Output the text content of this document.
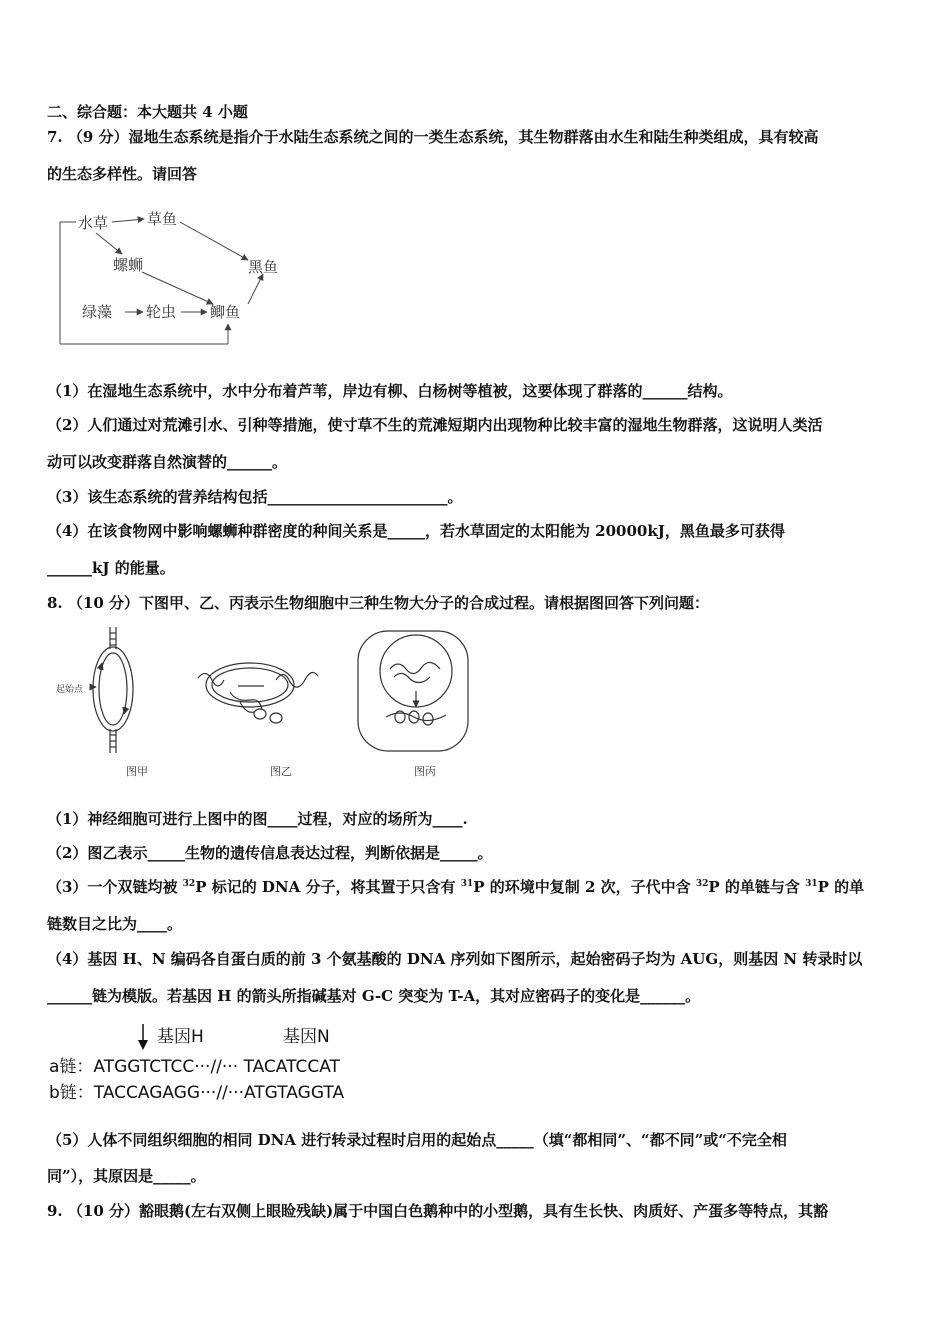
二、综合题：本大题共 4 小题
7. （9 分）湿地生态系统是指介于水陆生态系统之间的一类生态系统，其生物群落由水生和陆生种类组成，具有较高
的生态多样性。请回答
水草	草鱼
螺蛳	黑鱼
绿藻 轮虫 鲫鱼
（1）在湿地生态系统中，水中分布着芦苇，岸边有柳、白杨树等植被，这要体现了群落的______结构。
（2）人们通过对荒滩引水、引种等措施，使寸草不生的荒滩短期内出现物种比较丰富的湿地生物群落，这说明人类活
动可以改变群落自然演替的______。
（3）该生态系统的营养结构包括________________________。
（4）在该食物网中影响螺蛳种群密度的种间关系是_____，若水草固定的太阳能为 20000kJ，黑鱼最多可获得
______kJ 的能量。
8. （10 分）下图甲、乙、丙表示生物细胞中三种生物大分子的合成过程。请根据图回答下列问题：
起始点
图甲	图乙	图丙
（1）神经细胞可进行上图中的图____过程，对应的场所为____.
（2）图乙表示_____生物的遗传信息表达过程，判断依据是_____。
（3）一个双链均被 $^{32}$P 标记的 DNA 分子，将其置于只含有 $^{31}$P 的环境中复制 2 次，子代中含 $^{32}$P 的单链与含 $^{31}$P 的单
链数目之比为____。
（4）基因 H、N 编码各自蛋白质的前 3 个氨基酸的 DNA 序列如下图所示，起始密码子均为 AUG，则基因 N 转录时以
______链为模版。若基因 H 的箭头所指碱基对 G-C 突变为 T-A，其对应密码子的变化是______。
基因H	基因N
a链：ATGGTCTCC···//··· TACATCCAT
b链：TACCAGAGG···//···ATGTAGGTA
（5）人体不同组织细胞的相同 DNA 进行转录过程时启用的起始点_____（填“都相同”、“都不同”或“不完全相
同”），其原因是_____。
9. （10 分）豁眼鹅(左右双侧上眼睑残缺)属于中国白色鹅种中的小型鹅，具有生长快、肉质好、产蛋多等特点，其豁
